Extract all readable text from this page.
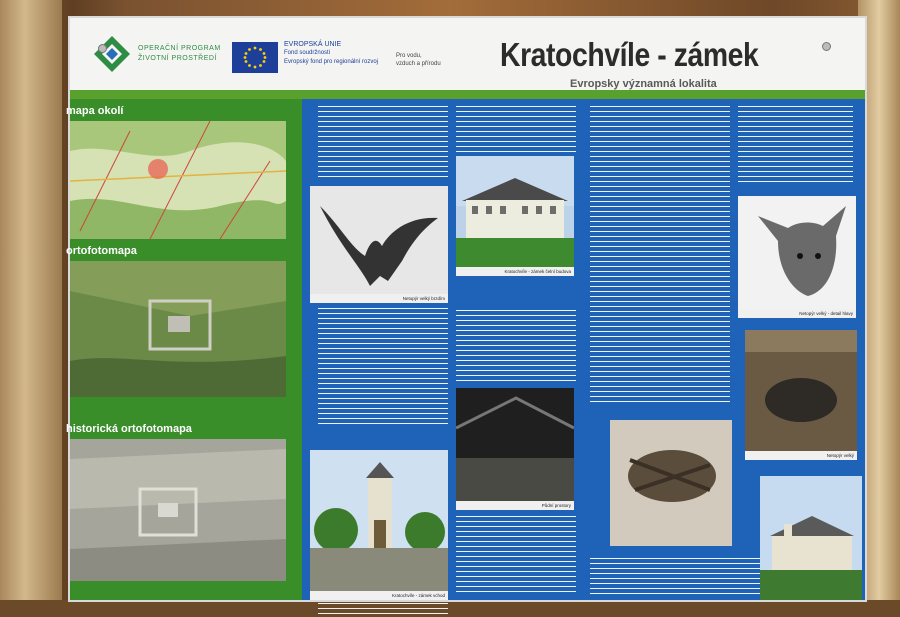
OPERAČNÍ PROGRAM
ŽIVOTNÍ PROSTŘEDÍ
EVROPSKÁ UNIE
Fond soudržnosti
Evropský fond pro regionální rozvoj
Pro vodu,
vzduch a přírodu Kratochvíle - zámek
Evropsky významná lokalita
mapa okolí
ortofotomapa
historická ortofotomapa
Netopýr velký brzdím
Kratochvíle - zámek čelní budova
Půdní prostory
Kratochvíle - zámek vchod
Netopýr velký - detail hlavy
Netopýr velký
